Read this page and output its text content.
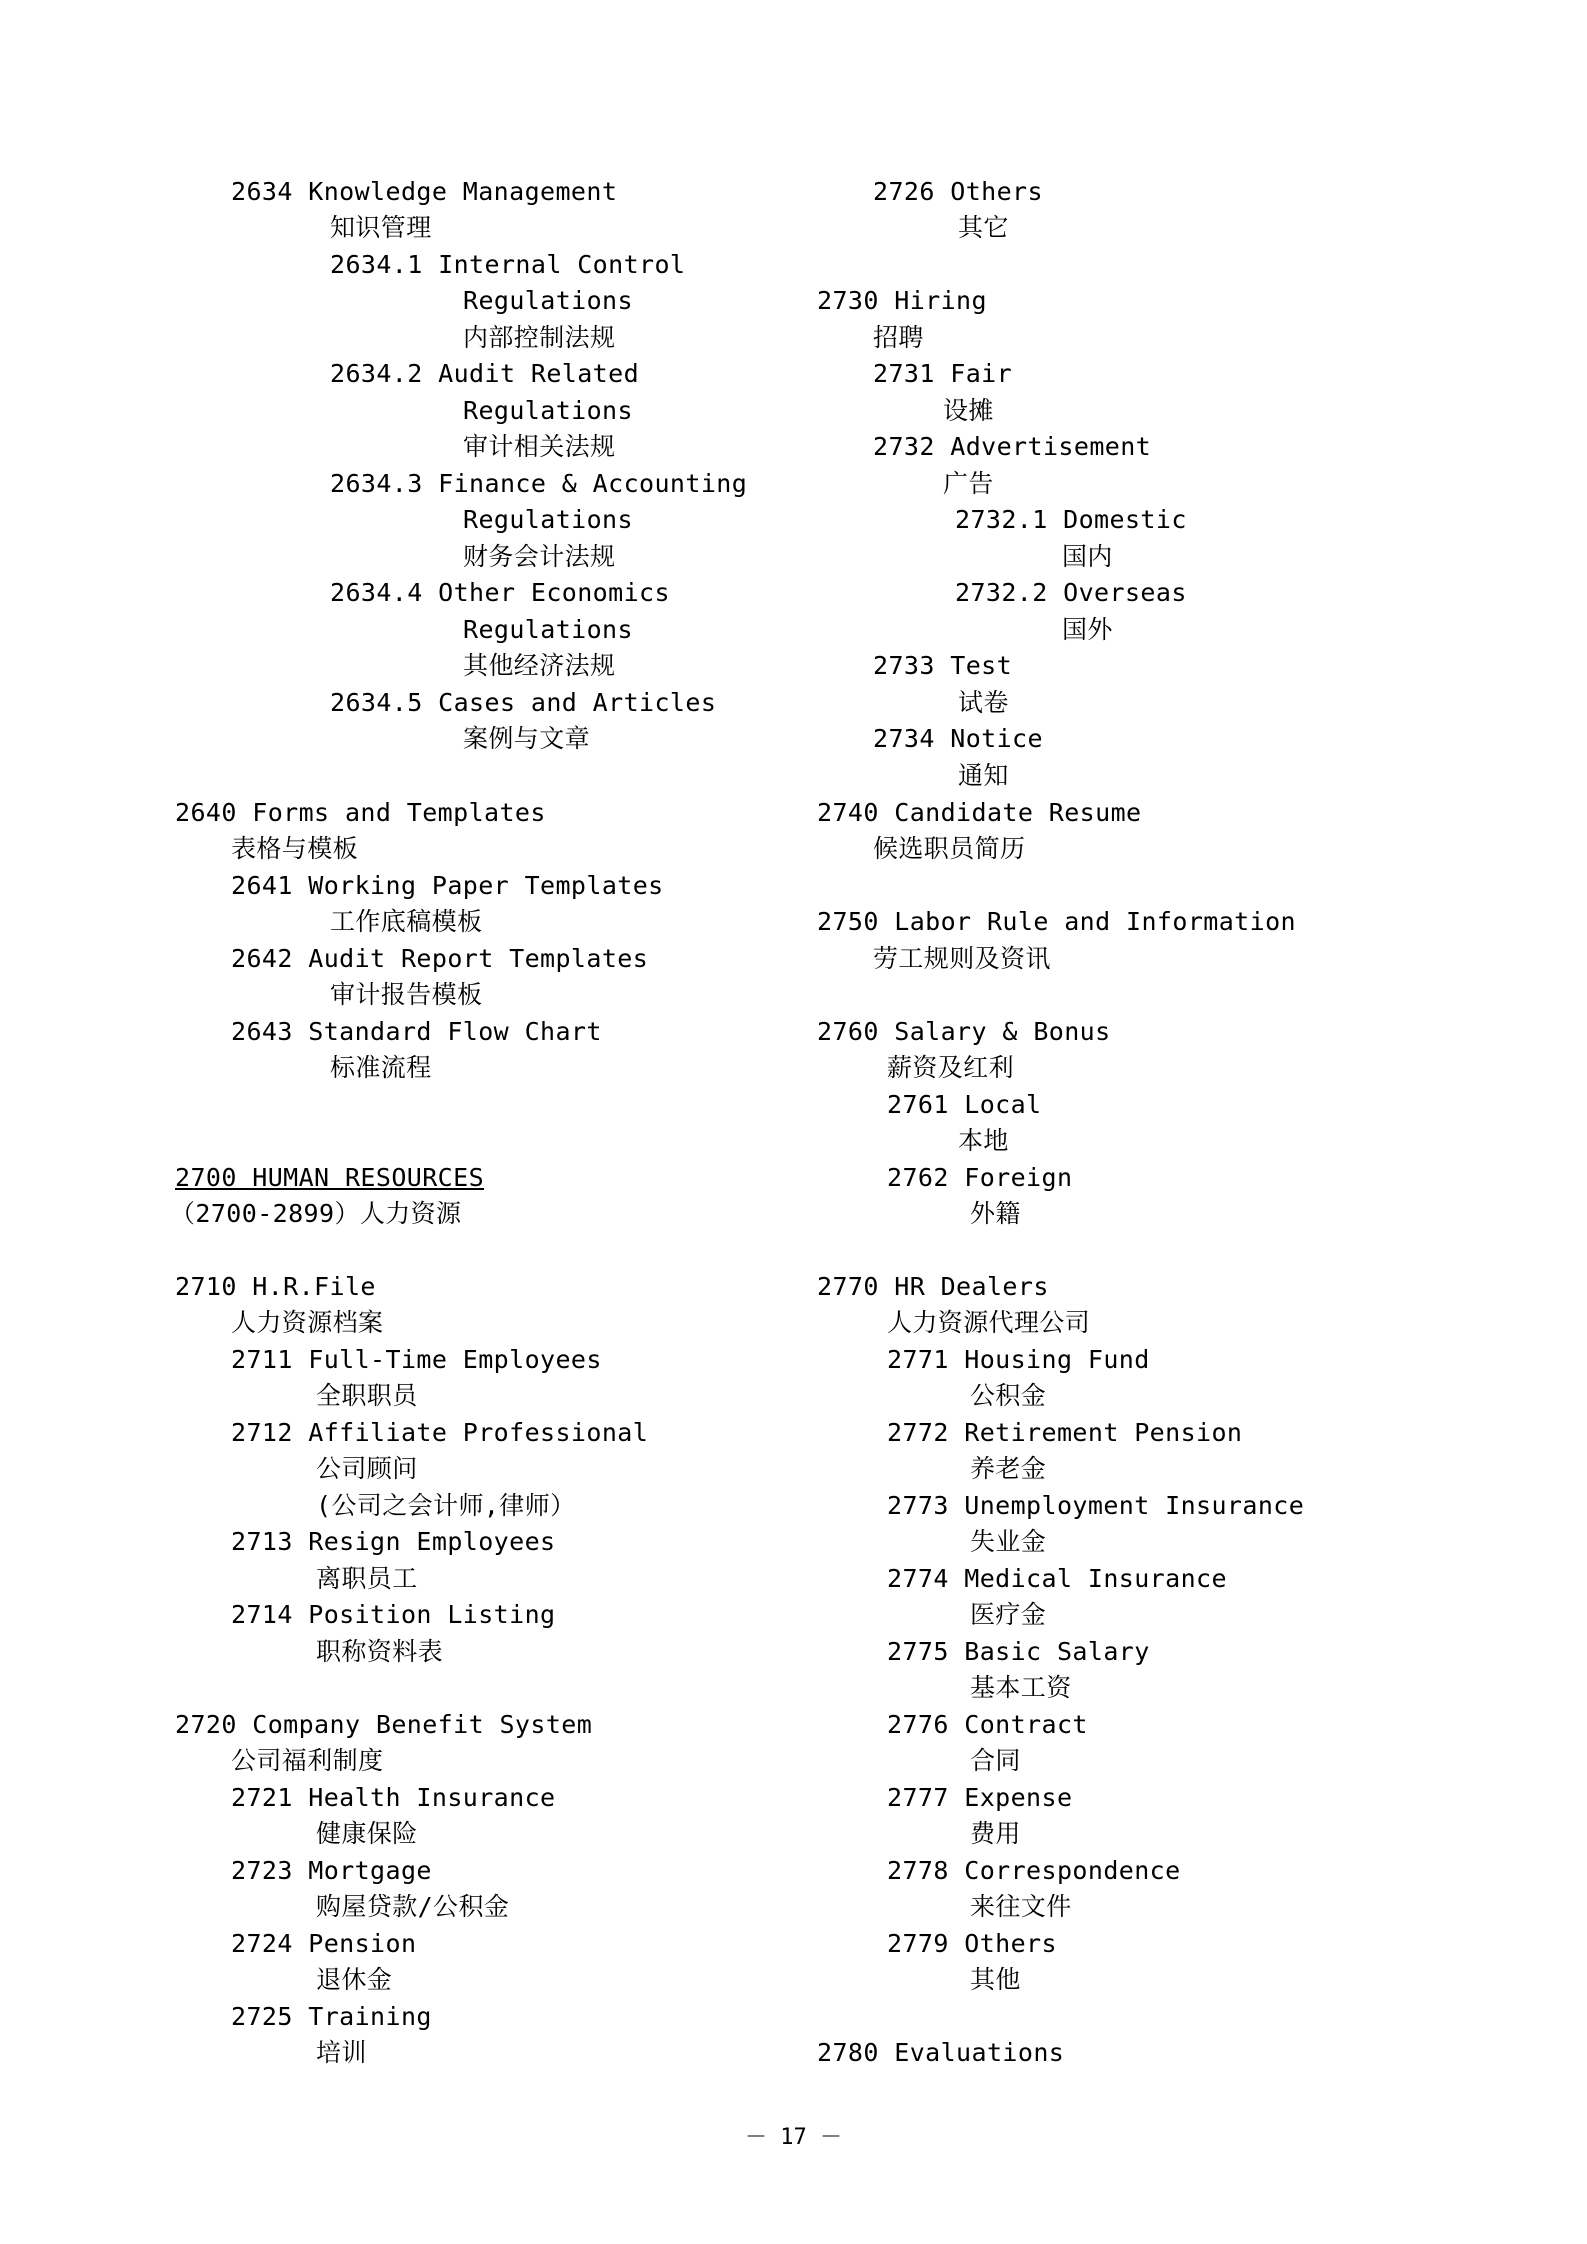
2634 Knowledge Management
知识管理
2634.1 Internal Control
Regulations
内部控制法规
2634.2 Audit Related
Regulations
审计相关法规
2634.3 Finance & Accounting
Regulations
财务会计法规
2634.4 Other Economics
Regulations
其他经济法规
2634.5 Cases and Articles
案例与文章
2640 Forms and Templates
表格与模板
2641 Working Paper Templates
工作底稿模板
2642 Audit Report Templates
审计报告模板
2643 Standard Flow Chart
标准流程
2700 HUMAN RESOURCES
（2700-2899）人力资源
2710 H.R.File
人力资源档案
2711 Full-Time Employees
全职职员
2712 Affiliate Professional
公司顾问
(公司之会计师,律师）
2713 Resign Employees
离职员工
2714 Position Listing
职称资料表
2720 Company Benefit System
公司福利制度
2721 Health Insurance
健康保险
2723 Mortgage
购屋贷款/公积金
2724 Pension
退休金
2725 Training
培训
2726 Others
其它
2730 Hiring
招聘
2731 Fair
设摊
2732 Advertisement
广告
2732.1 Domestic
国内
2732.2 Overseas
国外
2733 Test
试卷
2734 Notice
通知
2740 Candidate Resume
候选职员简历
2750 Labor Rule and Information
劳工规则及资讯
2760 Salary & Bonus
薪资及红利
2761 Local
本地
2762 Foreign
外籍
2770 HR Dealers
人力资源代理公司
2771 Housing Fund
公积金
2772 Retirement Pension
养老金
2773 Unemployment Insurance
失业金
2774 Medical Insurance
医疗金
2775 Basic Salary
基本工资
2776 Contract
合同
2777 Expense
费用
2778 Correspondence
来往文件
2779 Others
其他
2780 Evaluations
－ 17 －
